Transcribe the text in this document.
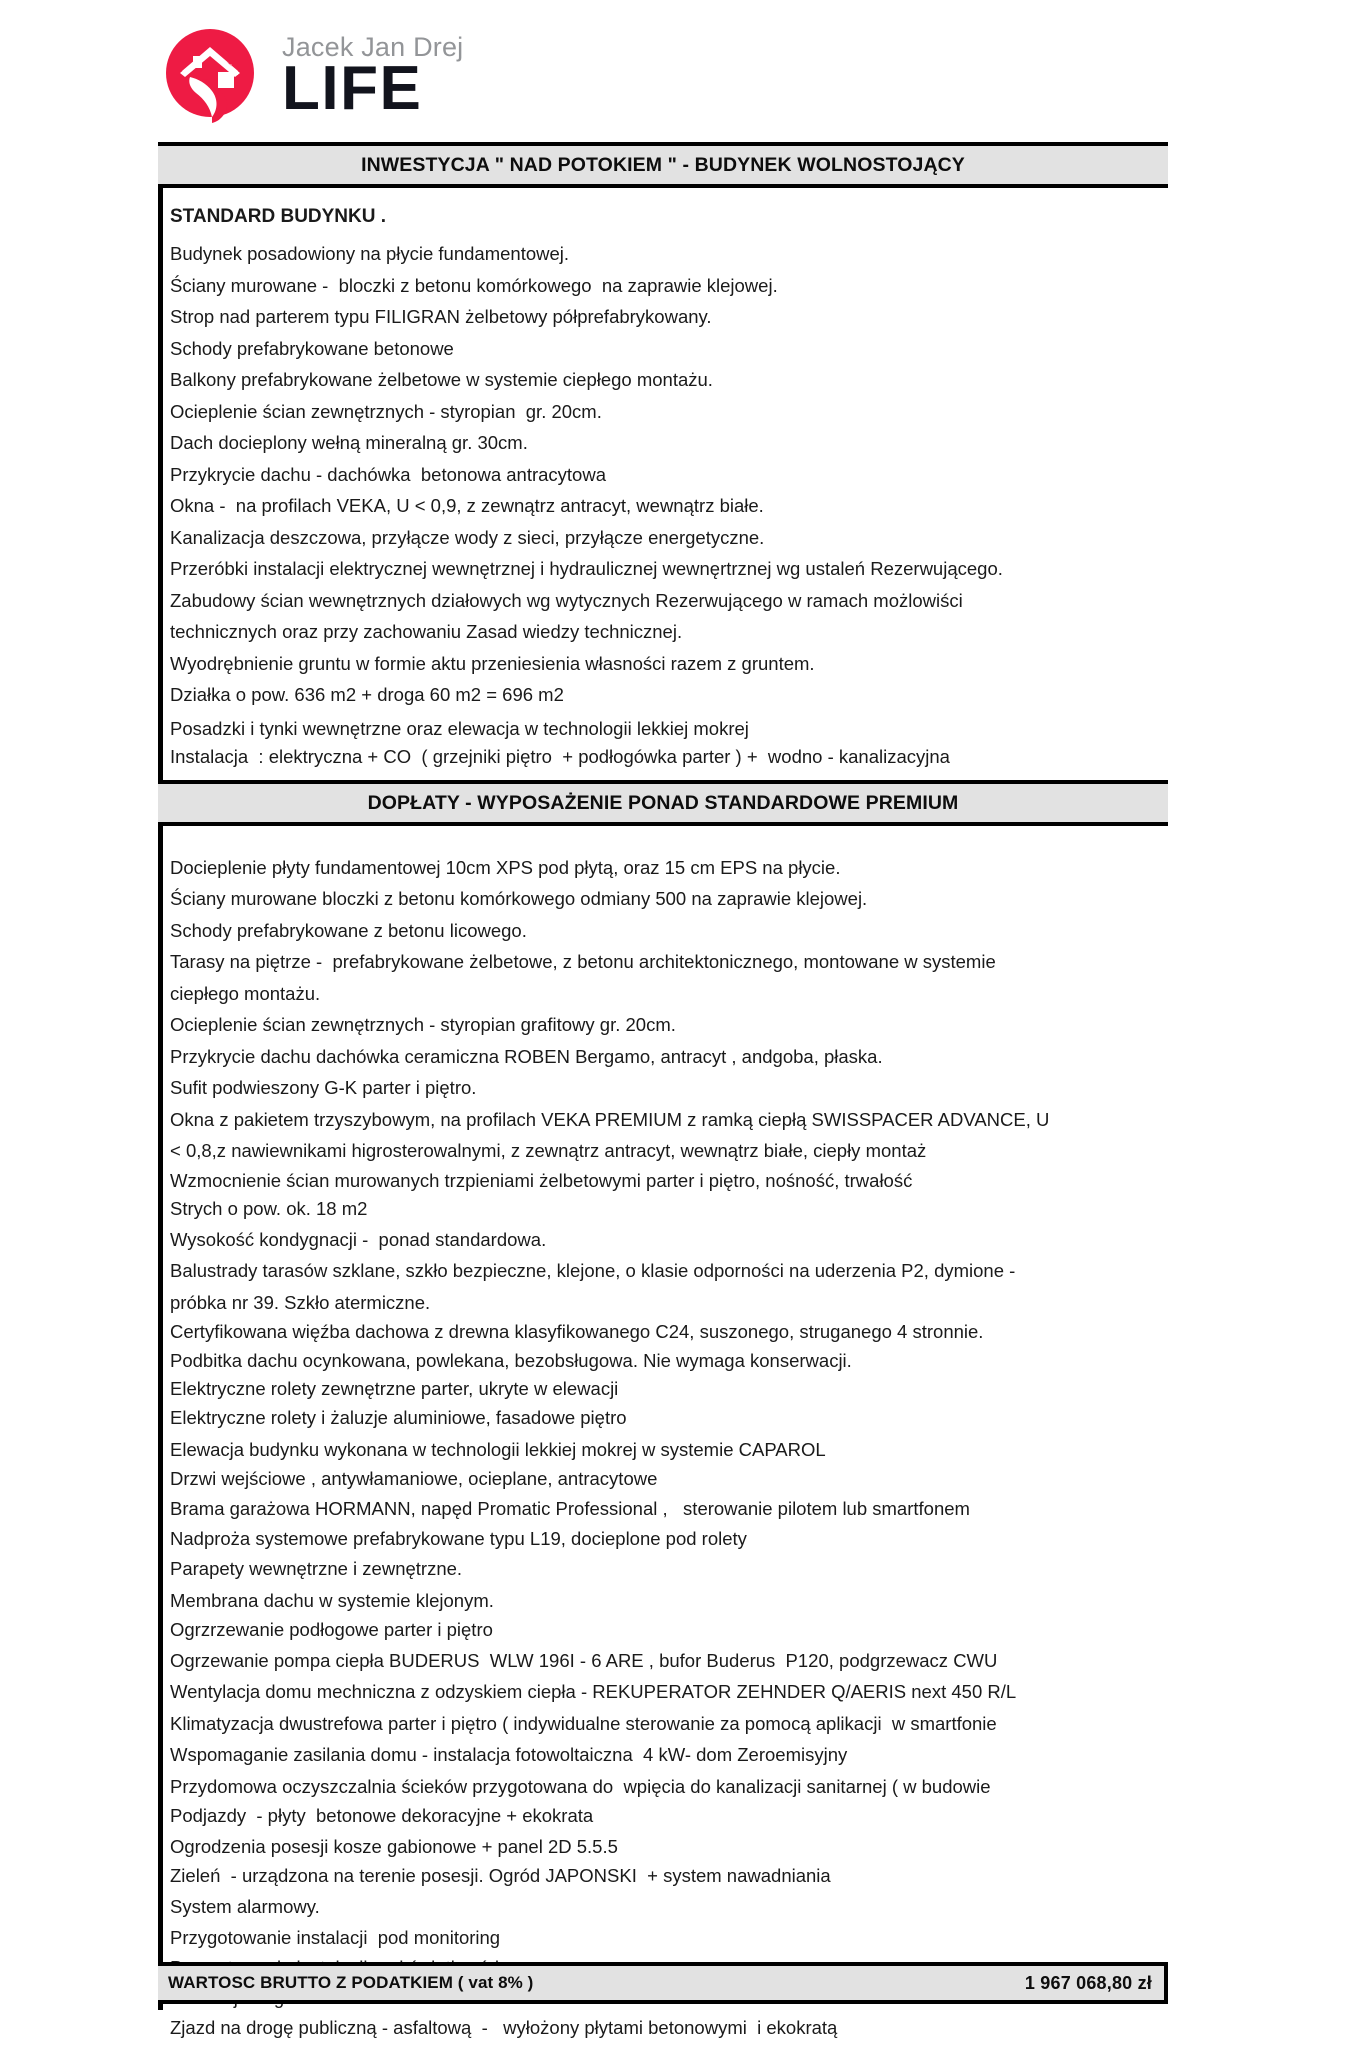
Jacek Jan Drej
LIFE
INWESTYCJA " NAD POTOKIEM " - BUDYNEK WOLNOSTOJĄCY
STANDARD BUDYNKU .
Budynek posadowiony na płycie fundamentowej.
Ściany murowane -  bloczki z betonu komórkowego  na zaprawie klejowej.
Strop nad parterem typu FILIGRAN żelbetowy półprefabrykowany.
Schody prefabrykowane betonowe
Balkony prefabrykowane żelbetowe w systemie ciepłego montażu.
Ocieplenie ścian zewnętrznych - styropian  gr. 20cm.
Dach docieplony wełną mineralną gr. 30cm.
Przykrycie dachu - dachówka  betonowa antracytowa
Okna -  na profilach VEKA, U < 0,9, z zewnątrz antracyt, wewnątrz białe.
Kanalizacja deszczowa, przyłącze wody z sieci, przyłącze energetyczne.
Przeróbki instalacji elektrycznej wewnętrznej i hydraulicznej wewnęrtrznej wg ustaleń Rezerwującego.
Zabudowy ścian wewnętrznych działowych wg wytycznych Rezerwującego w ramach możlowiści
technicznych oraz przy zachowaniu Zasad wiedzy technicznej.
Wyodrębnienie gruntu w formie aktu przeniesienia własności razem z gruntem.
Działka o pow. 636 m2 + droga 60 m2 = 696 m2
Posadzki i tynki wewnętrzne oraz elewacja w technologii lekkiej mokrej
Instalacja  : elektryczna + CO  ( grzejniki piętro  + podłogówka parter ) +  wodno - kanalizacyjna
DOPŁATY - WYPOSAŻENIE PONAD STANDARDOWE PREMIUM
Docieplenie płyty fundamentowej 10cm XPS pod płytą, oraz 15 cm EPS na płycie.
Ściany murowane bloczki z betonu komórkowego odmiany 500 na zaprawie klejowej.
Schody prefabrykowane z betonu licowego.
Tarasy na piętrze -  prefabrykowane żelbetowe, z betonu architektonicznego, montowane w systemie
ciepłego montażu.
Ocieplenie ścian zewnętrznych - styropian grafitowy gr. 20cm.
Przykrycie dachu dachówka ceramiczna ROBEN Bergamo, antracyt , andgoba, płaska.
Sufit podwieszony G-K parter i piętro.
Okna z pakietem trzyszybowym, na profilach VEKA PREMIUM z ramką ciepłą SWISSPACER ADVANCE, U
< 0,8,z nawiewnikami higrosterowalnymi, z zewnątrz antracyt, wewnątrz białe, ciepły montaż
Wzmocnienie ścian murowanych trzpieniami żelbetowymi parter i piętro, nośność, trwałość
Strych o pow. ok. 18 m2
Wysokość kondygnacji -  ponad standardowa.
Balustrady tarasów szklane, szkło bezpieczne, klejone, o klasie odporności na uderzenia P2, dymione -
próbka nr 39. Szkło atermiczne.
Certyfikowana więźba dachowa z drewna klasyfikowanego C24, suszonego, struganego 4 stronnie.
Podbitka dachu ocynkowana, powlekana, bezobsługowa. Nie wymaga konserwacji.
Elektryczne rolety zewnętrzne parter, ukryte w elewacji
Elektryczne rolety i żaluzje aluminiowe, fasadowe piętro
Elewacja budynku wykonana w technologii lekkiej mokrej w systemie CAPAROL
Drzwi wejściowe , antywłamaniowe, ocieplane, antracytowe
Brama garażowa HORMANN, napęd Promatic Professional ,   sterowanie pilotem lub smartfonem
Nadproża systemowe prefabrykowane typu L19, docieplone pod rolety
Parapety wewnętrzne i zewnętrzne.
Membrana dachu w systemie klejonym.
Ogrzrzewanie podłogowe parter i piętro
Ogrzewanie pompa ciepła BUDERUS  WLW 196I - 6 ARE , bufor Buderus  P120, podgrzewacz CWU
Wentylacja domu mechniczna z odzyskiem ciepła - REKUPERATOR ZEHNDER Q/AERIS next 450 R/L
Klimatyzacja dwustrefowa parter i piętro ( indywidualne sterowanie za pomocą aplikacji  w smartfonie
Wspomaganie zasilania domu - instalacja fotowoltaiczna  4 kW- dom Zeroemisyjny
Przydomowa oczyszczalnia ścieków przygotowana do  wpięcia do kanalizacji sanitarnej ( w budowie
Podjazdy  - płyty  betonowe dekoracyjne + ekokrata
Ogrodzenia posesji kosze gabionowe + panel 2D 5.5.5
Zieleń  - urządzona na terenie posesji. Ogród JAPONSKI  + system nawadniania
System alarmowy.
Przygotowanie instalacji  pod monitoring
Zjazd na drogę publiczną - asfaltową  -   wyłożony płytami betonowymi  i ekokratą
WARTOSC BRUTTO Z PODATKIEM ( vat 8% )	1 967 068,80 zł
